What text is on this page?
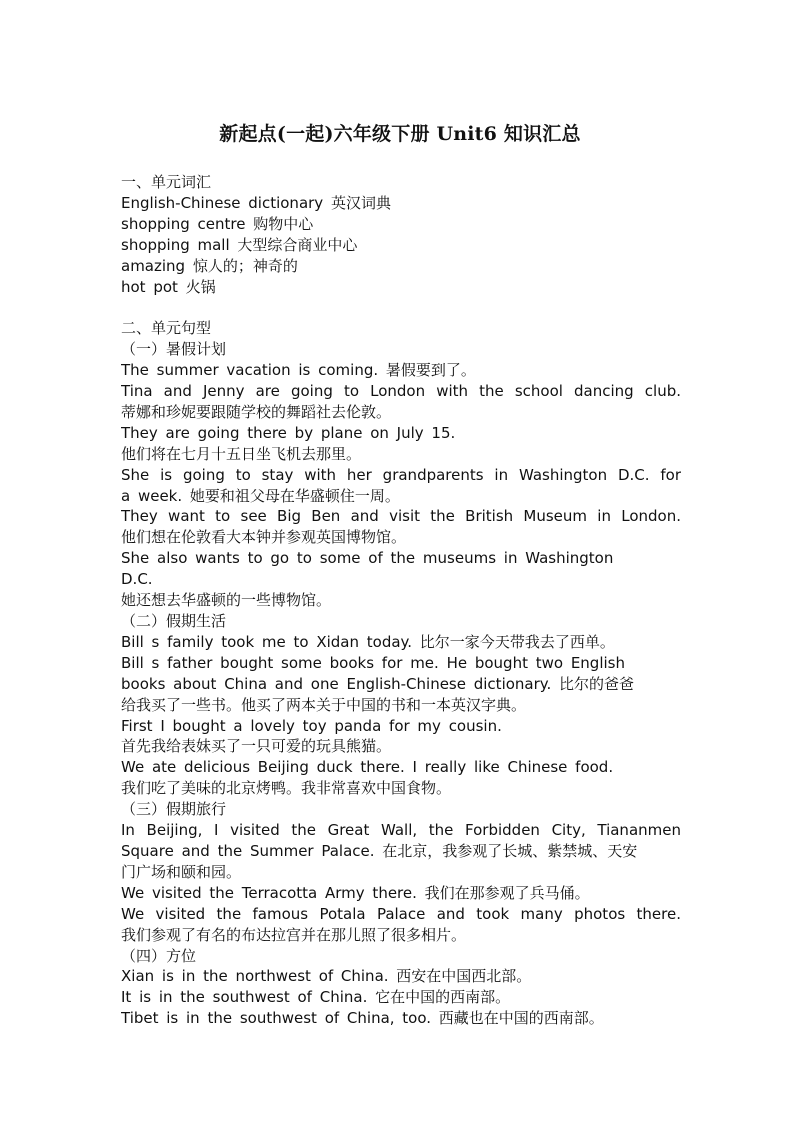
新起点(一起)六年级下册 Unit6 知识汇总
一、单元词汇
English-Chinese dictionary 英汉词典
shopping centre 购物中心
shopping mall 大型综合商业中心
amazing 惊人的；神奇的
hot pot 火锅
二、单元句型
（一）暑假计划
The summer vacation is coming. 暑假要到了。
Tina and Jenny are going to London with the school dancing club.
蒂娜和珍妮要跟随学校的舞蹈社去伦敦。
They are going there by plane on July 15.
他们将在七月十五日坐飞机去那里。
She is going to stay with her grandparents in Washington D.C. for
a week. 她要和祖父母在华盛顿住一周。
They want to see Big Ben and visit the British Museum in London.
他们想在伦敦看大本钟并参观英国博物馆。
She also wants to go to some of the museums in Washington
D.C.
她还想去华盛顿的一些博物馆。
（二）假期生活
Bill s family took me to Xidan today. 比尔一家今天带我去了西单。
Bill s father bought some books for me. He bought two English
books about China and one English-Chinese dictionary. 比尔的爸爸
给我买了一些书。他买了两本关于中国的书和一本英汉字典。
First I bought a lovely toy panda for my cousin.
首先我给表妹买了一只可爱的玩具熊猫。
We ate delicious Beijing duck there. I really like Chinese food.
我们吃了美味的北京烤鸭。我非常喜欢中国食物。
（三）假期旅行
In Beijing, I visited the Great Wall, the Forbidden City, Tiananmen
Square and the Summer Palace. 在北京，我参观了长城、紫禁城、天安
门广场和颐和园。
We visited the Terracotta Army there. 我们在那参观了兵马俑。
We visited the famous Potala Palace and took many photos there.
我们参观了有名的布达拉宫并在那儿照了很多相片。
（四）方位
Xian is in the northwest of China. 西安在中国西北部。
It is in the southwest of China. 它在中国的西南部。
Tibet is in the southwest of China, too. 西藏也在中国的西南部。
